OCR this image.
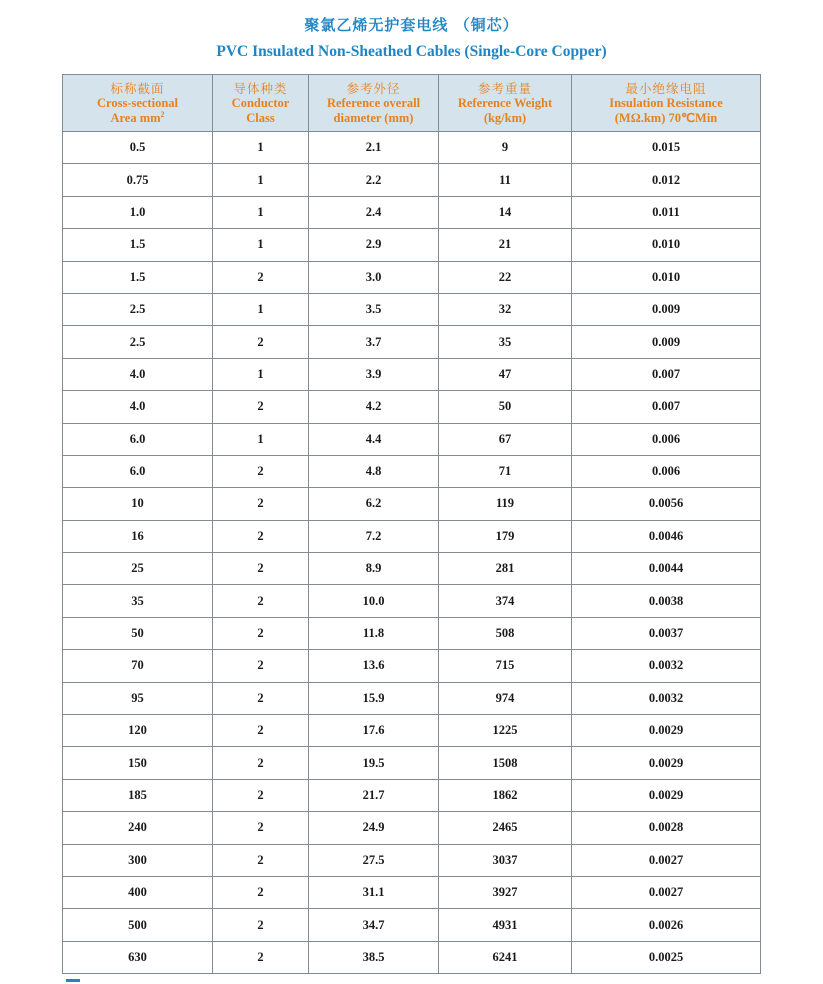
聚氯乙烯无护套电线 （铜芯）
PVC Insulated Non-Sheathed Cables (Single-Core Copper)
标称截面
Cross-sectional
Area $mm^2$	导体种类
Conductor
Class	参考外径
Reference overall
diameter (mm)	参考重量
Reference Weight
(kg/km)	最小绝缘电阻
Insulation Resistance
(MΩ.km) 70℃Min

0.5	1	2.1	9	0.015
0.75	1	2.2	11	0.012
1.0	1	2.4	14	0.011
1.5	1	2.9	21	0.010
1.5	2	3.0	22	0.010
2.5	1	3.5	32	0.009
2.5	2	3.7	35	0.009
4.0	1	3.9	47	0.007
4.0	2	4.2	50	0.007
6.0	1	4.4	67	0.006
6.0	2	4.8	71	0.006
10	2	6.2	119	0.0056
16	2	7.2	179	0.0046
25	2	8.9	281	0.0044
35	2	10.0	374	0.0038
50	2	11.8	508	0.0037
70	2	13.6	715	0.0032
95	2	15.9	974	0.0032
120	2	17.6	1225	0.0029
150	2	19.5	1508	0.0029
185	2	21.7	1862	0.0029
240	2	24.9	2465	0.0028
300	2	27.5	3037	0.0027
400	2	31.1	3927	0.0027
500	2	34.7	4931	0.0026
630	2	38.5	6241	0.0025
